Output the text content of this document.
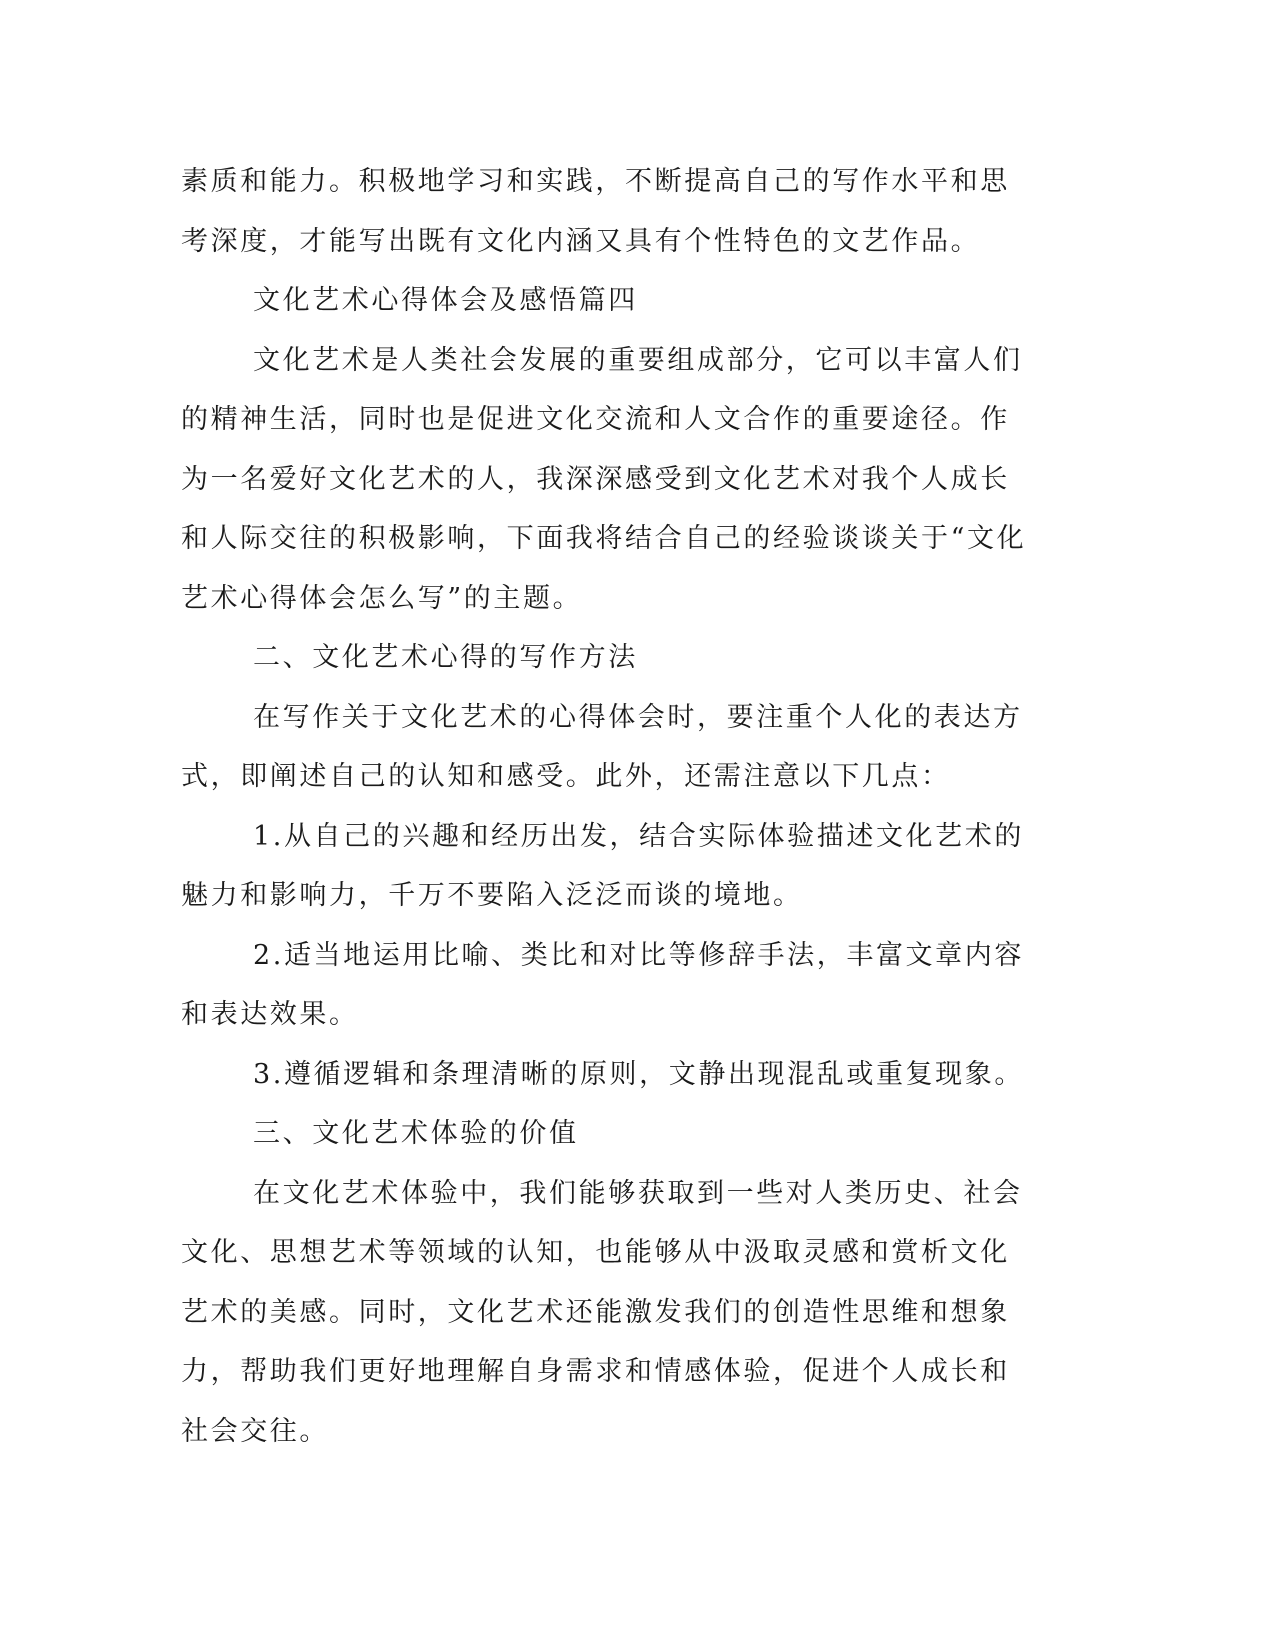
素质和能力。积极地学习和实践，不断提高自己的写作水平和思考深度，才能写出既有文化内涵又具有个性特色的文艺作品。

文化艺术心得体会及感悟篇四

文化艺术是人类社会发展的重要组成部分，它可以丰富人们的精神生活，同时也是促进文化交流和人文合作的重要途径。作为一名爱好文化艺术的人，我深深感受到文化艺术对我个人成长和人际交往的积极影响，下面我将结合自己的经验谈谈关于“文化艺术心得体会怎么写”的主题。

二、文化艺术心得的写作方法

在写作关于文化艺术的心得体会时，要注重个人化的表达方式，即阐述自己的认知和感受。此外，还需注意以下几点：

1.从自己的兴趣和经历出发，结合实际体验描述文化艺术的魅力和影响力，千万不要陷入泛泛而谈的境地。

2.适当地运用比喻、类比和对比等修辞手法，丰富文章内容和表达效果。

3.遵循逻辑和条理清晰的原则，文静出现混乱或重复现象。

三、文化艺术体验的价值

在文化艺术体验中，我们能够获取到一些对人类历史、社会文化、思想艺术等领域的认知，也能够从中汲取灵感和赏析文化艺术的美感。同时，文化艺术还能激发我们的创造性思维和想象力，帮助我们更好地理解自身需求和情感体验，促进个人成长和社会交往。
